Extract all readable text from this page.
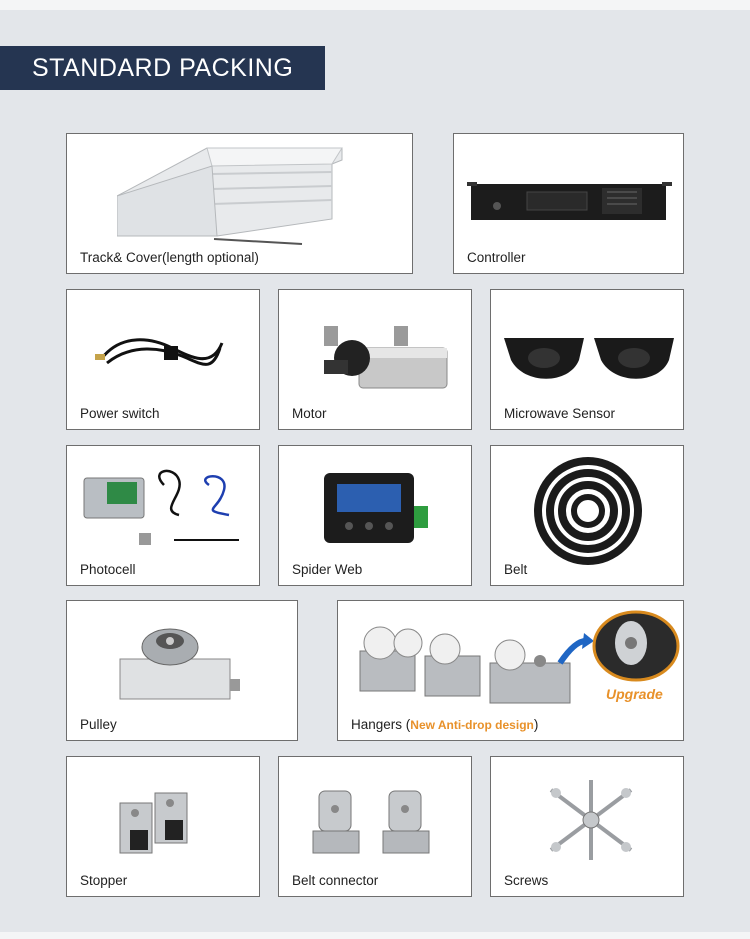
STANDARD PACKING
Track& Cover(length optional)	Controller
Power switch	Motor	Microwave Sensor
Photocell	Spider Web	Belt
Pulley	Hangers (New Anti-drop design)
Upgrade
Stopper	Belt connector	Screws
